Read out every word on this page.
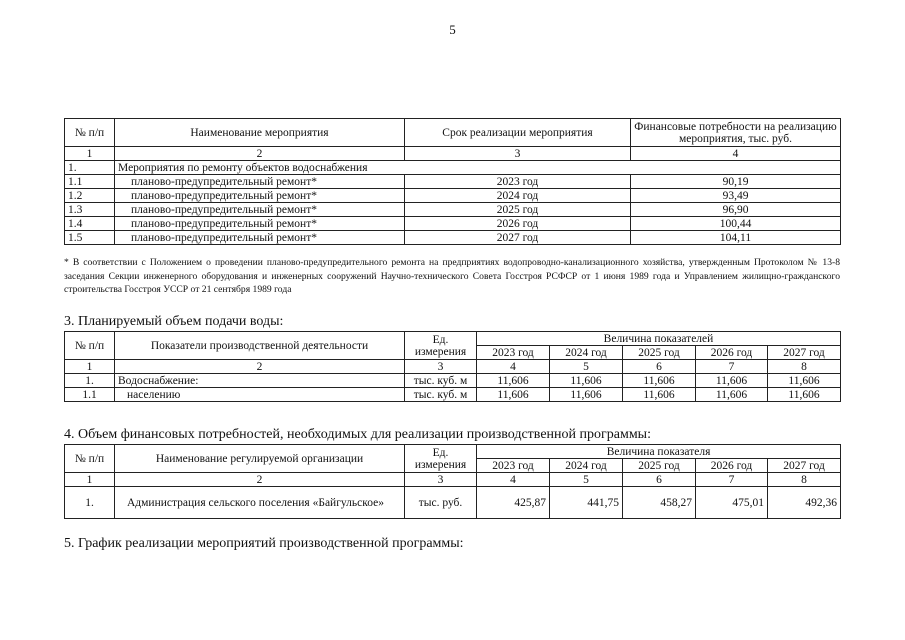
5
№ п/п	Наименование мероприятия	Срок реализации мероприятия	Финансовые потребности на реализацию мероприятия, тыс. руб.
1	2	3	4
1.	Мероприятия по ремонту объектов водоснабжения		
1.1	планово-предупредительный ремонт*	2023 год	90,19
1.2	планово-предупредительный ремонт*	2024 год	93,49
1.3	планово-предупредительный ремонт*	2025 год	96,90
1.4	планово-предупредительный ремонт*	2026 год	100,44
1.5	планово-предупредительный ремонт*	2027 год	104,11
* В соответствии с Положением о проведении планово-предупредительного ремонта на предприятиях водопроводно-канализационного хозяйства, утвержденным Протоколом № 13-8 заседания Секции инженерного оборудования и инженерных сооружений Научно-технического Совета Госстроя РСФСР от 1 июня 1989 года и Управлением жилищно-гражданского строительства Госстроя УССР от 21 сентября 1989 года
3. Планируемый объем подачи воды:
№ п/п	Показатели производственной деятельности	Ед. измерения	Величина показателей				
			2023 год	2024 год	2025 год	2026 год	2027 год
1	2	3	4	5	6	7	8
1.	Водоснабжение:	тыс. куб. м	11,606	11,606	11,606	11,606	11,606
1.1	населению	тыс. куб. м	11,606	11,606	11,606	11,606	11,606
4. Объем финансовых потребностей, необходимых для реализации производственной программы:
№ п/п	Наименование регулируемой организации	Ед. измерения	Величина показателя				
			2023 год	2024 год	2025 год	2026 год	2027 год
1	2	3	4	5	6	7	8
1.	Администрация сельского поселения «Байгульское»	тыс. руб.	425,87	441,75	458,27	475,01	492,36
5. График реализации мероприятий производственной программы:
